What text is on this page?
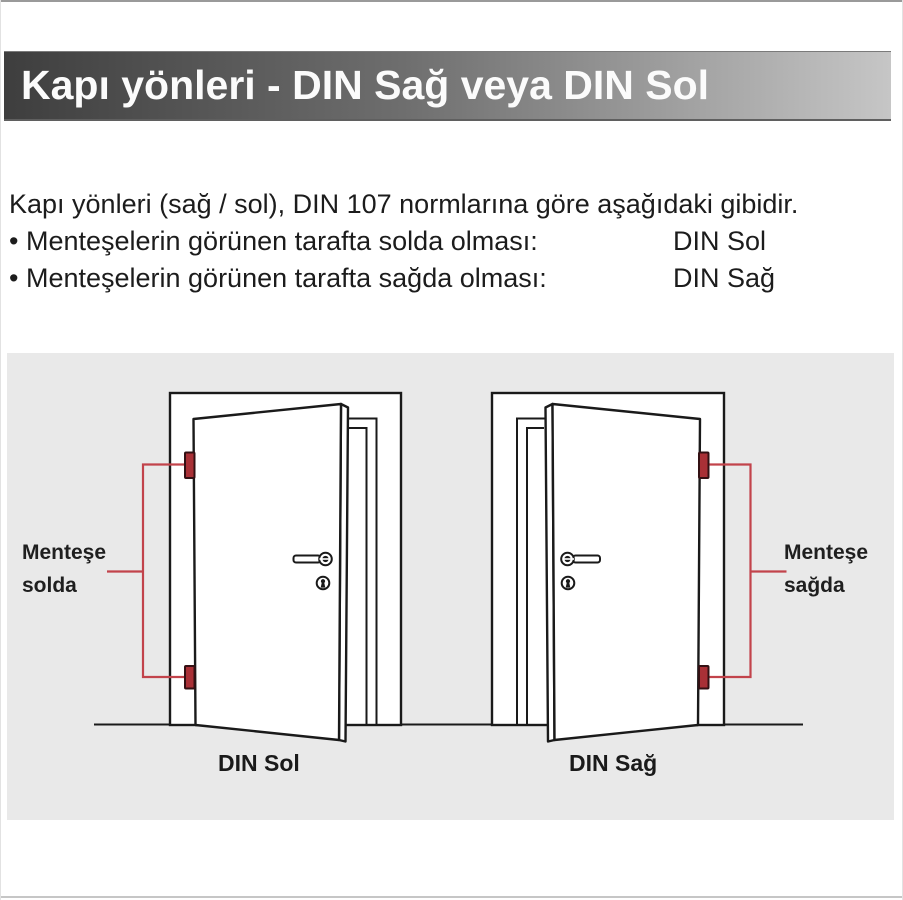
Kapı yönleri - DIN Sağ veya DIN Sol
Kapı yönleri (sağ / sol), DIN 107 normlarına göre aşağıdaki gibidir.
• Menteşelerin görünen tarafta solda olması:	DIN Sol
• Menteşelerin görünen tarafta sağda olması:	DIN Sağ
Menteşe
solda
Menteşe
sağda
DIN Sol	DIN Sağ
